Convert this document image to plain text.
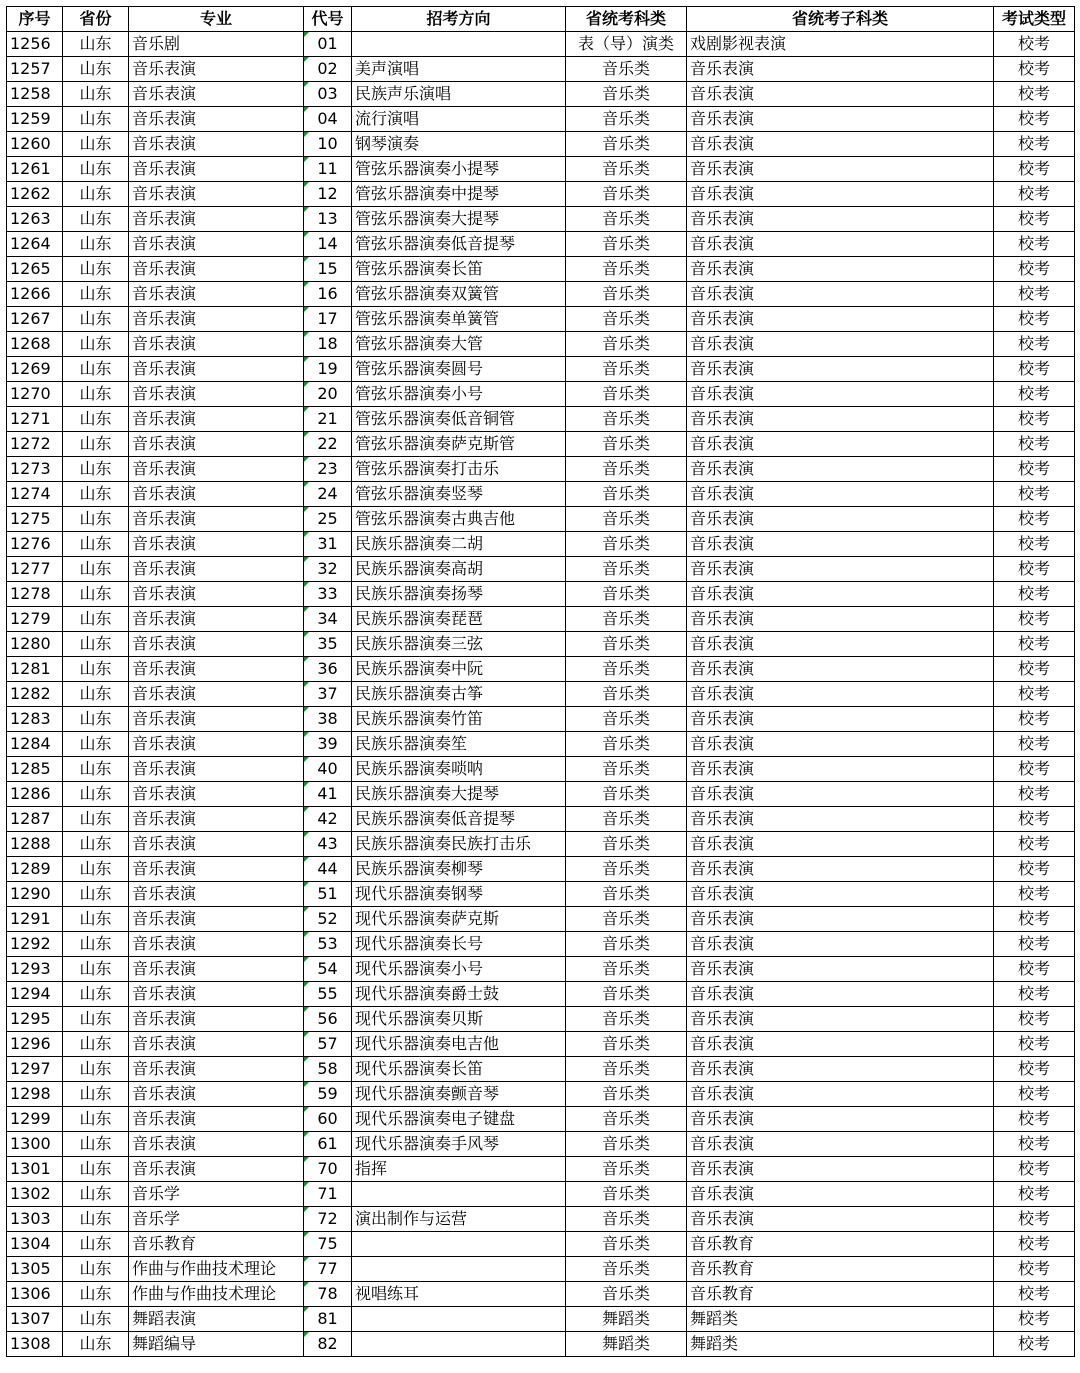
序号	省份	专业	代号	招考方向	省统考科类	省统考子科类	考试类型
1256	山东	音乐剧	01		表（导）演类	戏剧影视表演	校考
1257	山东	音乐表演	02	美声演唱	音乐类	音乐表演	校考
1258	山东	音乐表演	03	民族声乐演唱	音乐类	音乐表演	校考
1259	山东	音乐表演	04	流行演唱	音乐类	音乐表演	校考
1260	山东	音乐表演	10	钢琴演奏	音乐类	音乐表演	校考
1261	山东	音乐表演	11	管弦乐器演奏小提琴	音乐类	音乐表演	校考
1262	山东	音乐表演	12	管弦乐器演奏中提琴	音乐类	音乐表演	校考
1263	山东	音乐表演	13	管弦乐器演奏大提琴	音乐类	音乐表演	校考
1264	山东	音乐表演	14	管弦乐器演奏低音提琴	音乐类	音乐表演	校考
1265	山东	音乐表演	15	管弦乐器演奏长笛	音乐类	音乐表演	校考
1266	山东	音乐表演	16	管弦乐器演奏双簧管	音乐类	音乐表演	校考
1267	山东	音乐表演	17	管弦乐器演奏单簧管	音乐类	音乐表演	校考
1268	山东	音乐表演	18	管弦乐器演奏大管	音乐类	音乐表演	校考
1269	山东	音乐表演	19	管弦乐器演奏圆号	音乐类	音乐表演	校考
1270	山东	音乐表演	20	管弦乐器演奏小号	音乐类	音乐表演	校考
1271	山东	音乐表演	21	管弦乐器演奏低音铜管	音乐类	音乐表演	校考
1272	山东	音乐表演	22	管弦乐器演奏萨克斯管	音乐类	音乐表演	校考
1273	山东	音乐表演	23	管弦乐器演奏打击乐	音乐类	音乐表演	校考
1274	山东	音乐表演	24	管弦乐器演奏竖琴	音乐类	音乐表演	校考
1275	山东	音乐表演	25	管弦乐器演奏古典吉他	音乐类	音乐表演	校考
1276	山东	音乐表演	31	民族乐器演奏二胡	音乐类	音乐表演	校考
1277	山东	音乐表演	32	民族乐器演奏高胡	音乐类	音乐表演	校考
1278	山东	音乐表演	33	民族乐器演奏扬琴	音乐类	音乐表演	校考
1279	山东	音乐表演	34	民族乐器演奏琵琶	音乐类	音乐表演	校考
1280	山东	音乐表演	35	民族乐器演奏三弦	音乐类	音乐表演	校考
1281	山东	音乐表演	36	民族乐器演奏中阮	音乐类	音乐表演	校考
1282	山东	音乐表演	37	民族乐器演奏古筝	音乐类	音乐表演	校考
1283	山东	音乐表演	38	民族乐器演奏竹笛	音乐类	音乐表演	校考
1284	山东	音乐表演	39	民族乐器演奏笙	音乐类	音乐表演	校考
1285	山东	音乐表演	40	民族乐器演奏唢呐	音乐类	音乐表演	校考
1286	山东	音乐表演	41	民族乐器演奏大提琴	音乐类	音乐表演	校考
1287	山东	音乐表演	42	民族乐器演奏低音提琴	音乐类	音乐表演	校考
1288	山东	音乐表演	43	民族乐器演奏民族打击乐	音乐类	音乐表演	校考
1289	山东	音乐表演	44	民族乐器演奏柳琴	音乐类	音乐表演	校考
1290	山东	音乐表演	51	现代乐器演奏钢琴	音乐类	音乐表演	校考
1291	山东	音乐表演	52	现代乐器演奏萨克斯	音乐类	音乐表演	校考
1292	山东	音乐表演	53	现代乐器演奏长号	音乐类	音乐表演	校考
1293	山东	音乐表演	54	现代乐器演奏小号	音乐类	音乐表演	校考
1294	山东	音乐表演	55	现代乐器演奏爵士鼓	音乐类	音乐表演	校考
1295	山东	音乐表演	56	现代乐器演奏贝斯	音乐类	音乐表演	校考
1296	山东	音乐表演	57	现代乐器演奏电吉他	音乐类	音乐表演	校考
1297	山东	音乐表演	58	现代乐器演奏长笛	音乐类	音乐表演	校考
1298	山东	音乐表演	59	现代乐器演奏颤音琴	音乐类	音乐表演	校考
1299	山东	音乐表演	60	现代乐器演奏电子键盘	音乐类	音乐表演	校考
1300	山东	音乐表演	61	现代乐器演奏手风琴	音乐类	音乐表演	校考
1301	山东	音乐表演	70	指挥	音乐类	音乐表演	校考
1302	山东	音乐学	71		音乐类	音乐表演	校考
1303	山东	音乐学	72	演出制作与运营	音乐类	音乐表演	校考
1304	山东	音乐教育	75		音乐类	音乐教育	校考
1305	山东	作曲与作曲技术理论	77		音乐类	音乐教育	校考
1306	山东	作曲与作曲技术理论	78	视唱练耳	音乐类	音乐教育	校考
1307	山东	舞蹈表演	81		舞蹈类	舞蹈类	校考
1308	山东	舞蹈编导	82		舞蹈类	舞蹈类	校考
